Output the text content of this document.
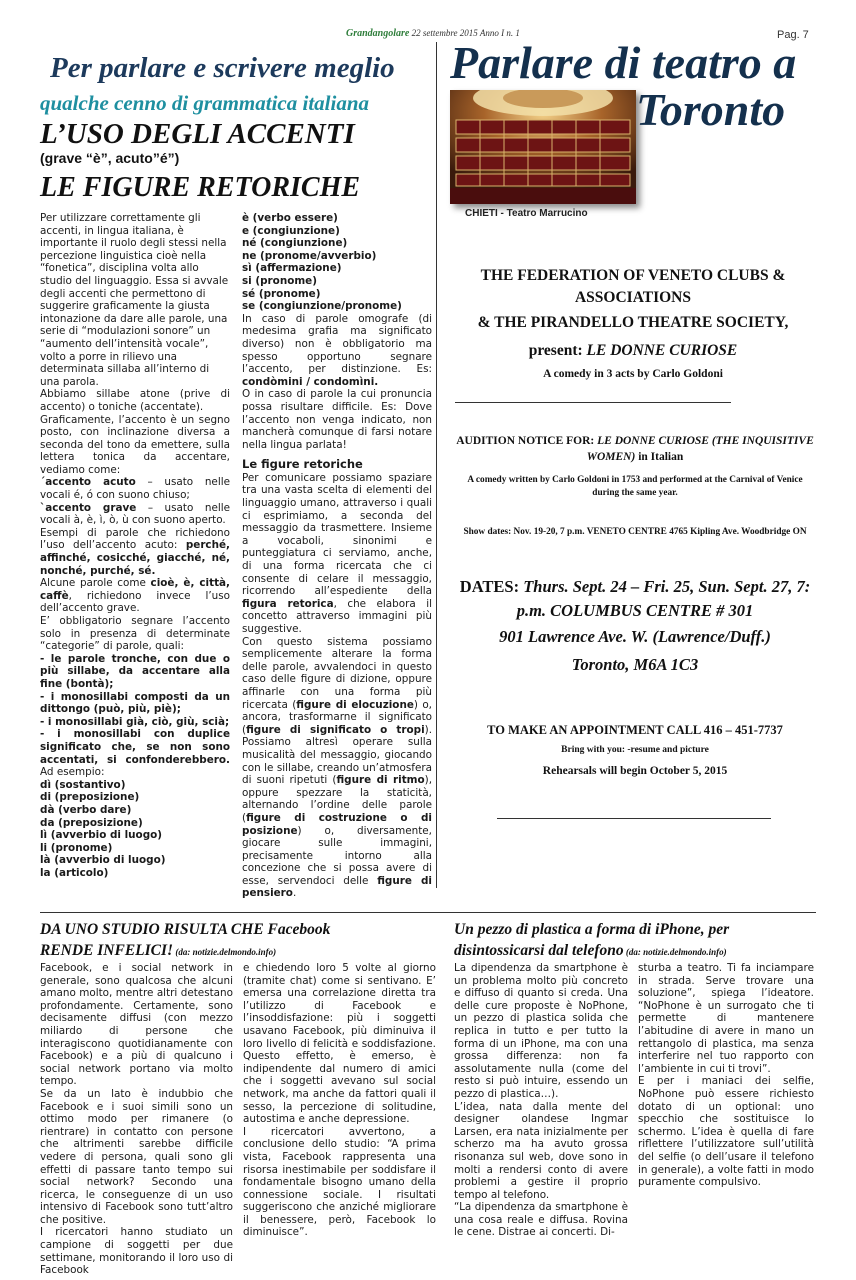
Grandangolare 22 settembre 2015 Anno I n. 1	Pag. 7
Per parlare e scrivere meglio
qualche cenno di grammatica italiana
L’USO DEGLI ACCENTI
(grave “è”, acuto”é”)
LE FIGURE RETORICHE

Per utilizzare correttamente gli accenti, in lingua italiana, è importante il ruolo degli stessi nella percezione linguistica cioè nella “fonetica”, disciplina volta allo studio del linguaggio. Essa si avvale degli accenti che permettono di suggerire graficamente la giusta intonazione da dare alle parole, una serie di “modulazioni sonore” un “aumento dell’intensità vocale”, volto a porre in rilievo una determinata sillaba all’interno di una parola.

Abbiamo sillabe atone (prive di accento) o toniche (accentate).

Graficamente, l’accento è un segno posto, con inclinazione diversa a seconda del tono da emettere, sulla lettera tonica da accentare, vediamo come:

´accento acuto – usato nelle vocali é, ó con suono chiuso;

`accento grave – usato nelle vocali à, è, ì, ò, ù con suono aperto.

Esempi di parole che richiedono l’uso dell’accento acuto: perché, affinché, cosicché, giacché, né, nonché, purché, sé.

Alcune parole come cioè, è, città, caffè, richiedono invece l’uso dell’accento grave.

E’ obbligatorio segnare l’accento solo in presenza di determinate “categorie” di parole, quali:

- le parole tronche, con due o più sillabe, da accentare alla fine (bontà);

- i monosillabi composti da un dittongo (può, più, piè);

- i monosillabi già, ciò, giù, scià;

- i monosillabi con duplice significato che, se non sono accentati, si confonderebbero. Ad esempio:

dì (sostantivo)

di (preposizione)

dà (verbo dare)

da (preposizione)

lì (avverbio di luogo)

li (pronome)

là (avverbio di luogo)

la (articolo)

è (verbo essere)

e (congiunzione)

né (congiunzione)

ne (pronome/avverbio)

sì (affermazione)

si (pronome)

sé (pronome)

se (congiunzione/pronome)

In caso di parole omografe (di medesima grafia ma significato diverso) non è obbligatorio ma spesso opportuno segnare l’accento, per distinzione. Es: condòmini / condomìni.

O in caso di parole la cui pronuncia possa risultare difficile. Es: Dove l’accento non venga indicato, non mancherà comunque di farsi notare nella lingua parlata!

Le figure retoriche

Per comunicare possiamo spaziare tra una vasta scelta di elementi del linguaggio umano, attraverso i quali ci esprimiamo, a seconda del messaggio da trasmettere. Insieme a vocaboli, sinonimi e punteggiatura ci serviamo, anche, di una forma ricercata che ci consente di celare il messaggio, ricorrendo all’espediente della figura retorica, che elabora il concetto attraverso immagini più suggestive.

Con questo sistema possiamo semplicemente alterare la forma delle parole, avvalendoci in questo caso delle figure di dizione, oppure affinarle con una forma più ricercata (figure di elocuzione) o, ancora, trasformarne il significato (figure di significato o tropi). Possiamo altresì operare sulla musicalità del messaggio, giocando con le sillabe, creando un’atmosfera di suoni ripetuti (figure di ritmo), oppure spezzare la staticità, alternando l’ordine delle parole (figure di costruzione o di posizione) o, diversamente, giocare sulle immagini, precisamente intorno alla concezione che si possa avere di esse, servendoci delle figure di pensiero.

Parlare di teatro a
Toronto
CHIETI - Teatro Marrucino
THE FEDERATION OF VENETO CLUBS & ASSOCIATIONS
& THE PIRANDELLO THEATRE SOCIETY,
present: LE DONNE CURIOSE
A comedy in 3 acts by Carlo Goldoni
AUDITION NOTICE FOR: LE DONNE CURIOSE (THE INQUISITIVE WOMEN) in Italian
A comedy written by Carlo Goldoni in 1753 and performed at the Carnival of Venice during the same year.
Show dates: Nov. 19-20, 7 p.m. VENETO CENTRE 4765 Kipling Ave. Woodbridge ON
DATES: Thurs. Sept. 24 – Fri. 25, Sun. Sept. 27, 7: p.m. COLUMBUS CENTRE # 301
901 Lawrence Ave. W. (Lawrence/Duff.)
Toronto, M6A 1C3
TO MAKE AN APPOINTMENT CALL 416 – 451-7737
Bring with you: -resume and picture
Rehearsals will begin October 5, 2015
DA UNO STUDIO RISULTA CHE Facebook RENDE INFELICI! (da: notizie.delmondo.info)
Facebook, e i social network in generale, sono qualcosa che alcuni amano molto, mentre altri detestano profondamente. Certamente, sono decisamente diffusi (con mezzo miliardo di persone che interagiscono quotidianamente con Facebook) e a più di qualcuno i social network portano via molto tempo.
Se da un lato è indubbio che Facebook e i suoi simili sono un ottimo modo per rimanere (o rientrare) in contatto con persone che altrimenti sarebbe difficile vedere di persona, quali sono gli effetti di passare tanto tempo sui social network? Secondo una ricerca, le conseguenze di un uso intensivo di Facebook sono tutt’altro che positive.
I ricercatori hanno studiato un campione di soggetti per due settimane, monitorando il loro uso di Facebook
e chiedendo loro 5 volte al giorno (tramite chat) come si sentivano. E’ emersa una correlazione diretta tra l’utilizzo di Facebook e l’insoddisfazione: più i soggetti usavano Facebook, più diminuiva il loro livello di felicità e soddisfazione. Questo effetto, è emerso, è indipendente dal numero di amici che i soggetti avevano sul social network, ma anche da fattori quali il sesso, la percezione di solitudine, autostima e anche depressione.
I ricercatori avvertono, a conclusione dello studio: “A prima vista, Facebook rappresenta una risorsa inestimabile per soddisfare il fondamentale bisogno umano della connessione sociale. I risultati suggeriscono che anziché migliorare il benessere, però, Facebook lo diminuisce”.
Un pezzo di plastica a forma di iPhone, per disintossicarsi dal telefono (da: notizie.delmondo.info)
La dipendenza da smartphone è un problema molto più concreto e diffuso di quanto si creda. Una delle cure proposte è NoPhone, un pezzo di plastica solida che replica in tutto e per tutto la forma di un iPhone, ma con una grossa differenza: non fa assolutamente nulla (come del resto si può intuire, essendo un pezzo di plastica…).
L’idea, nata dalla mente del designer olandese Ingmar Larsen, era nata inizialmente per scherzo ma ha avuto grossa risonanza sul web, dove sono in molti a rendersi conto di avere problemi a gestire il proprio tempo al telefono.
“La dipendenza da smartphone è una cosa reale e diffusa. Rovina le cene. Distrae ai concerti. Di-
sturba a teatro. Ti fa inciampare in strada. Serve trovare una soluzione”, spiega l’ideatore. “NoPhone è un surrogato che ti permette di mantenere l’abitudine di avere in mano un rettangolo di plastica, ma senza interferire nel tuo rapporto con l’ambiente in cui ti trovi”.
E per i maniaci dei selfie, NoPhone può essere richiesto dotato di un optional: uno specchio che sostituisce lo schermo. L’idea è quella di fare riflettere l’utilizzatore sull’utilità del selfie (o dell’usare il telefono in generale), a volte fatti in modo puramente compulsivo.
